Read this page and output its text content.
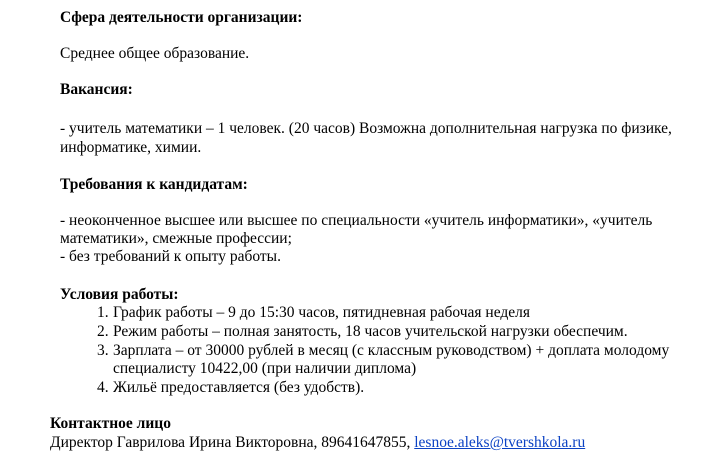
Сфера деятельности организации:
Среднее общее образование.
Вакансия:
- учитель математики – 1 человек. (20 часов) Возможна дополнительная нагрузка по физике,
информатике, химии.
Требования к кандидатам:
- неоконченное высшее или высшее по специальности «учитель информатики», «учитель
математики», смежные профессии;
- без требований к опыту работы.
Условия работы:
1. График работы – 9 до 15:30 часов, пятидневная рабочая неделя
2. Режим работы – полная занятость, 18 часов учительской нагрузки обеспечим.
3. Зарплата – от 30000 рублей в месяц (с классным руководством) + доплата молодому
специалисту 10422,00 (при наличии диплома)
4. Жильё предоставляется (без удобств).
Контактное лицо
Директор Гаврилова Ирина Викторовна, 89641647855, lesnoe.aleks@tvershkola.ru
